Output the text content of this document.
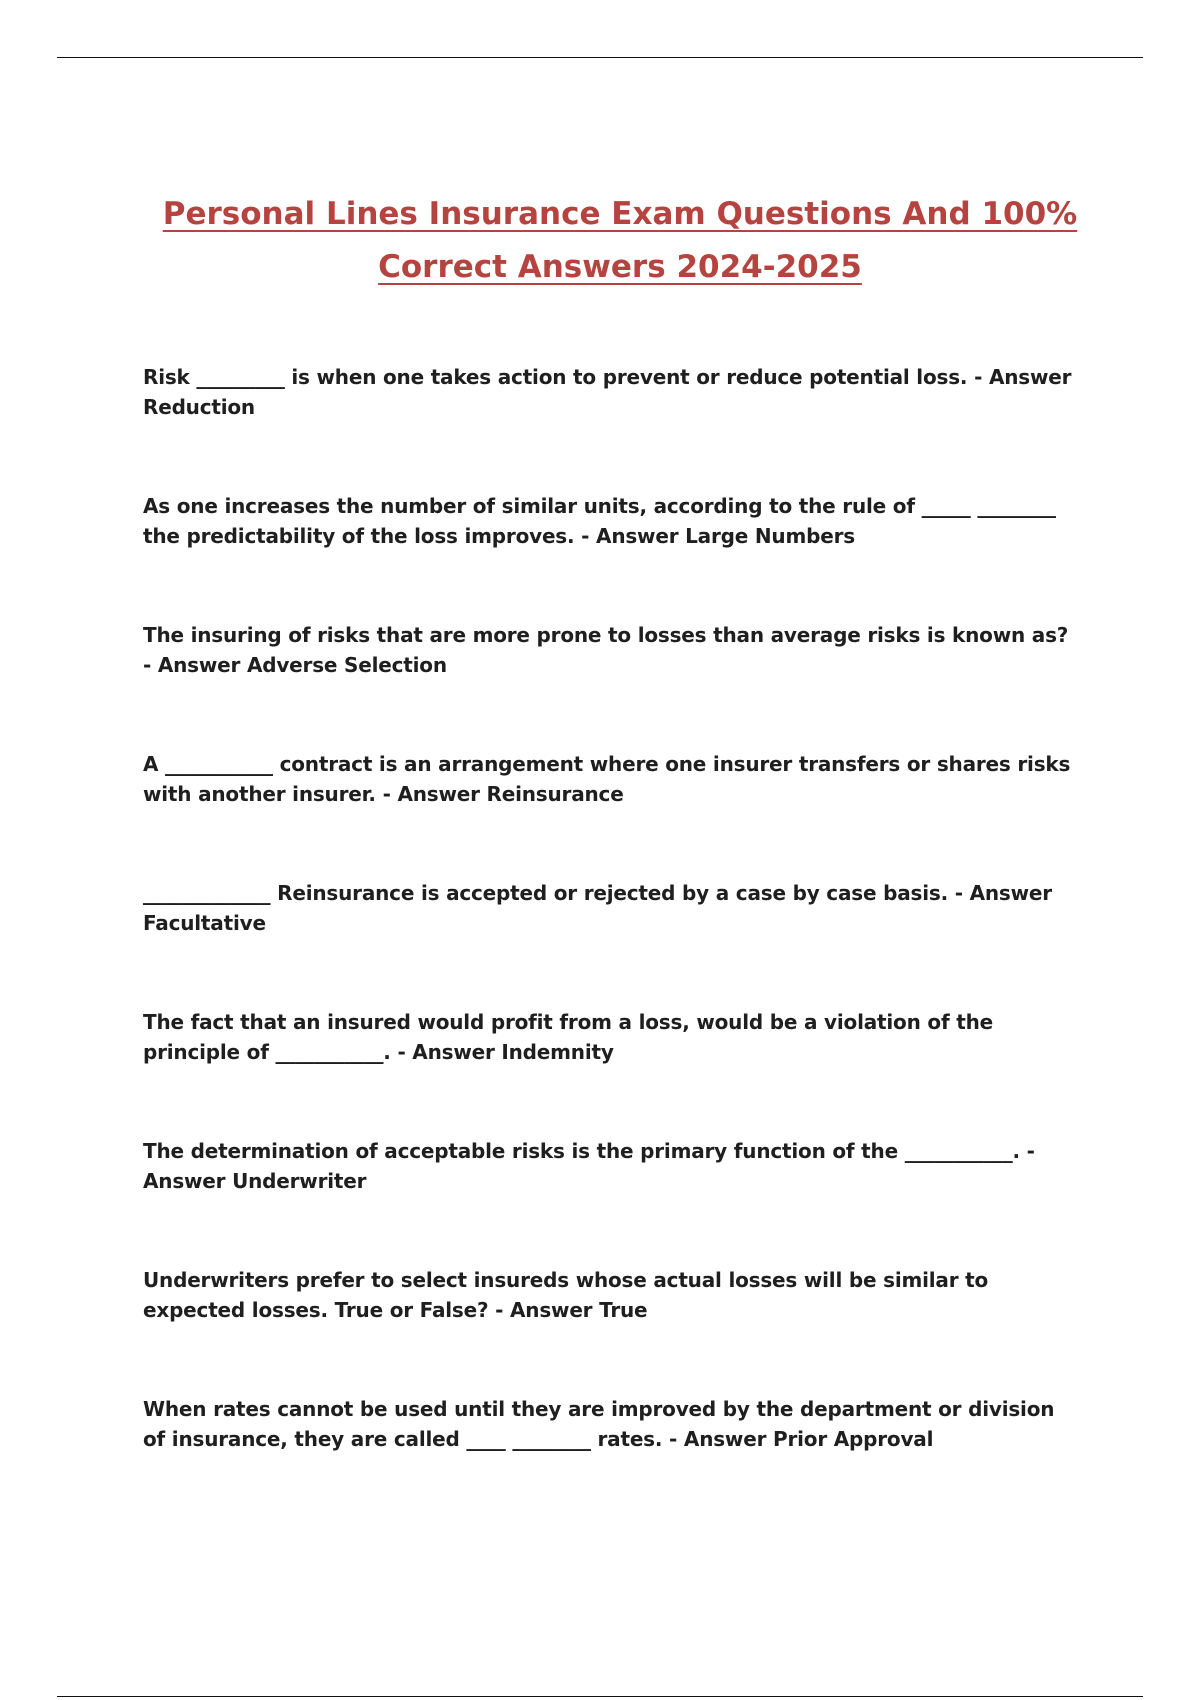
Personal Lines Insurance Exam Questions And 100%
Correct Answers 2024-2025
Risk _________ is when one takes action to prevent or reduce potential loss. - Answer Reduction
As one increases the number of similar units, according to the rule of _____ ________ the predictability of the loss improves. - Answer Large Numbers
The insuring of risks that are more prone to losses than average risks is known as? - Answer Adverse Selection
A ___________ contract is an arrangement where one insurer transfers or shares risks with another insurer. - Answer Reinsurance
_____________ Reinsurance is accepted or rejected by a case by case basis. - Answer Facultative
The fact that an insured would profit from a loss, would be a violation of the principle of ___________. - Answer Indemnity
The determination of acceptable risks is the primary function of the ___________. - Answer Underwriter
Underwriters prefer to select insureds whose actual losses will be similar to expected losses. True or False? - Answer True
When rates cannot be used until they are improved by the department or division of insurance, they are called ____ ________ rates. - Answer Prior Approval
